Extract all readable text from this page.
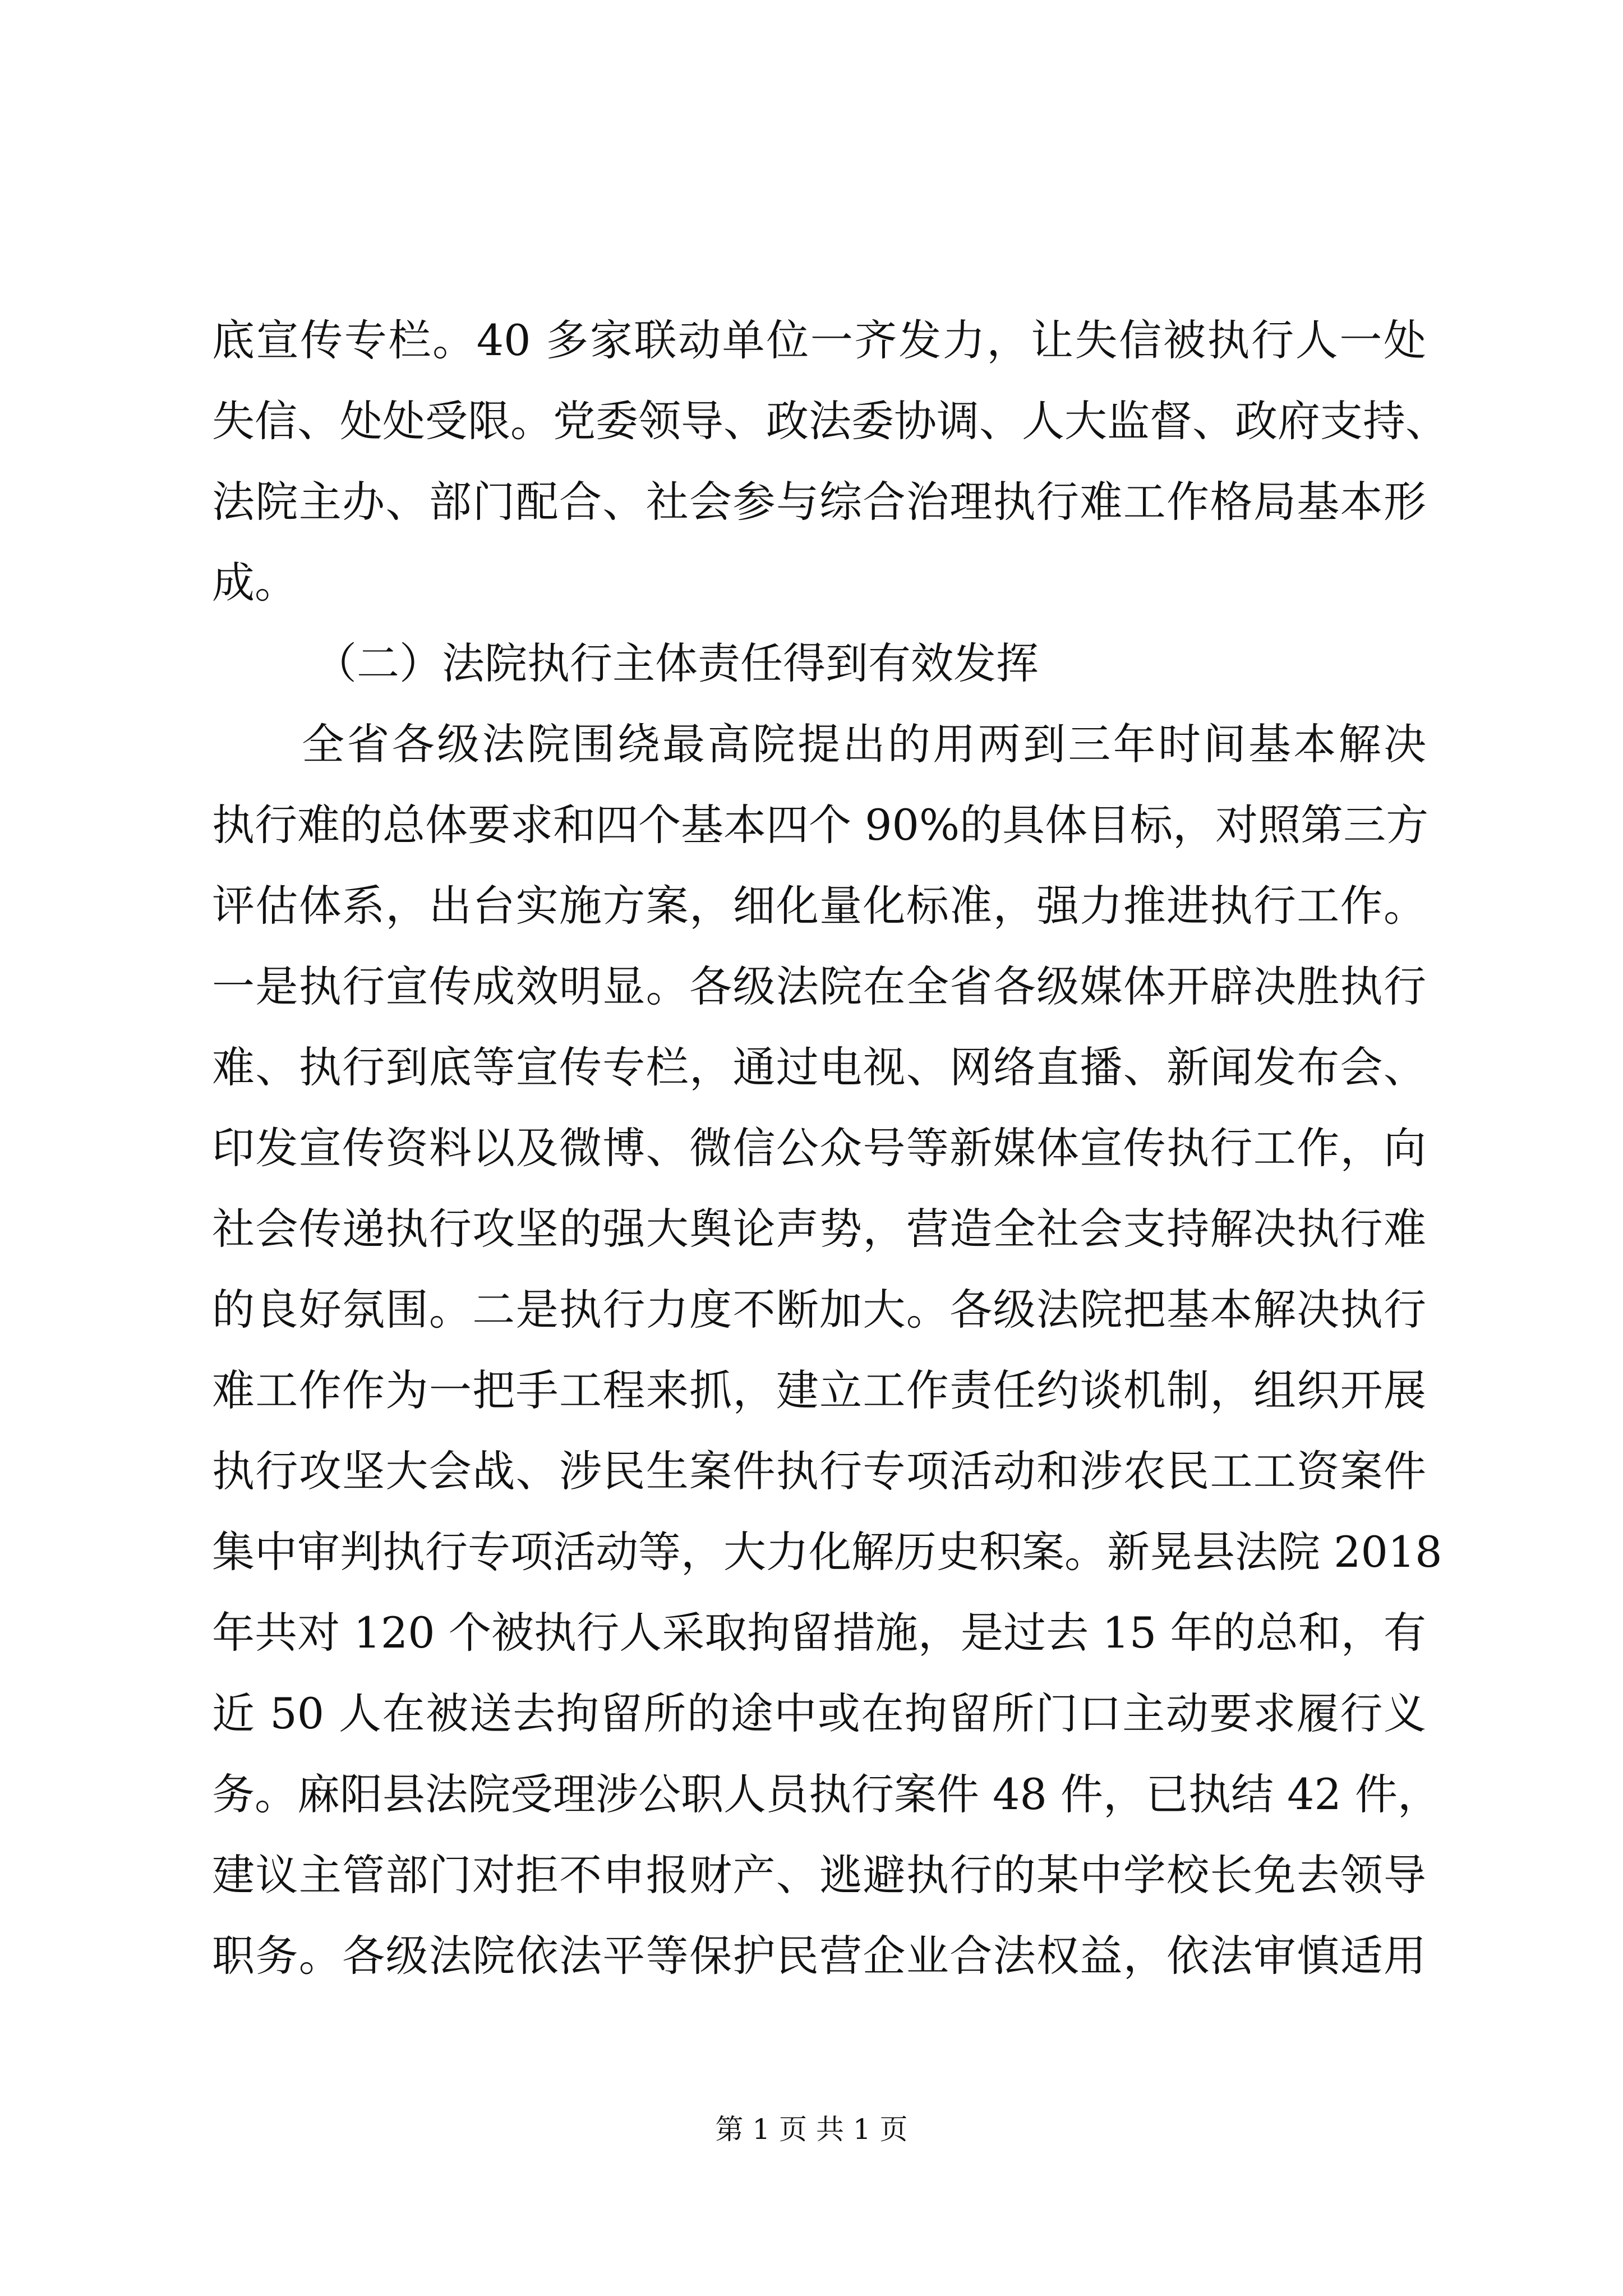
底宣传专栏。40 多家联动单位一齐发力，让失信被执行人一处
失信、处处受限。党委领导、政法委协调、人大监督、政府支持、
法院主办、部门配合、社会参与综合治理执行难工作格局基本形
成。
（二）法院执行主体责任得到有效发挥
全省各级法院围绕最高院提出的用两到三年时间基本解决
执行难的总体要求和四个基本四个 90%的具体目标，对照第三方
评估体系，出台实施方案，细化量化标准，强力推进执行工作。
一是执行宣传成效明显。各级法院在全省各级媒体开辟决胜执行
难、执行到底等宣传专栏，通过电视、网络直播、新闻发布会、
印发宣传资料以及微博、微信公众号等新媒体宣传执行工作，向
社会传递执行攻坚的强大舆论声势，营造全社会支持解决执行难
的良好氛围。二是执行力度不断加大。各级法院把基本解决执行
难工作作为一把手工程来抓，建立工作责任约谈机制，组织开展
执行攻坚大会战、涉民生案件执行专项活动和涉农民工工资案件
集中审判执行专项活动等，大力化解历史积案。新晃县法院 2018
年共对 120 个被执行人采取拘留措施，是过去 15 年的总和，有
近 50 人在被送去拘留所的途中或在拘留所门口主动要求履行义
务。麻阳县法院受理涉公职人员执行案件 48 件，已执结 42 件，
建议主管部门对拒不申报财产、逃避执行的某中学校长免去领导
职务。各级法院依法平等保护民营企业合法权益，依法审慎适用
第 1 页 共 1 页
